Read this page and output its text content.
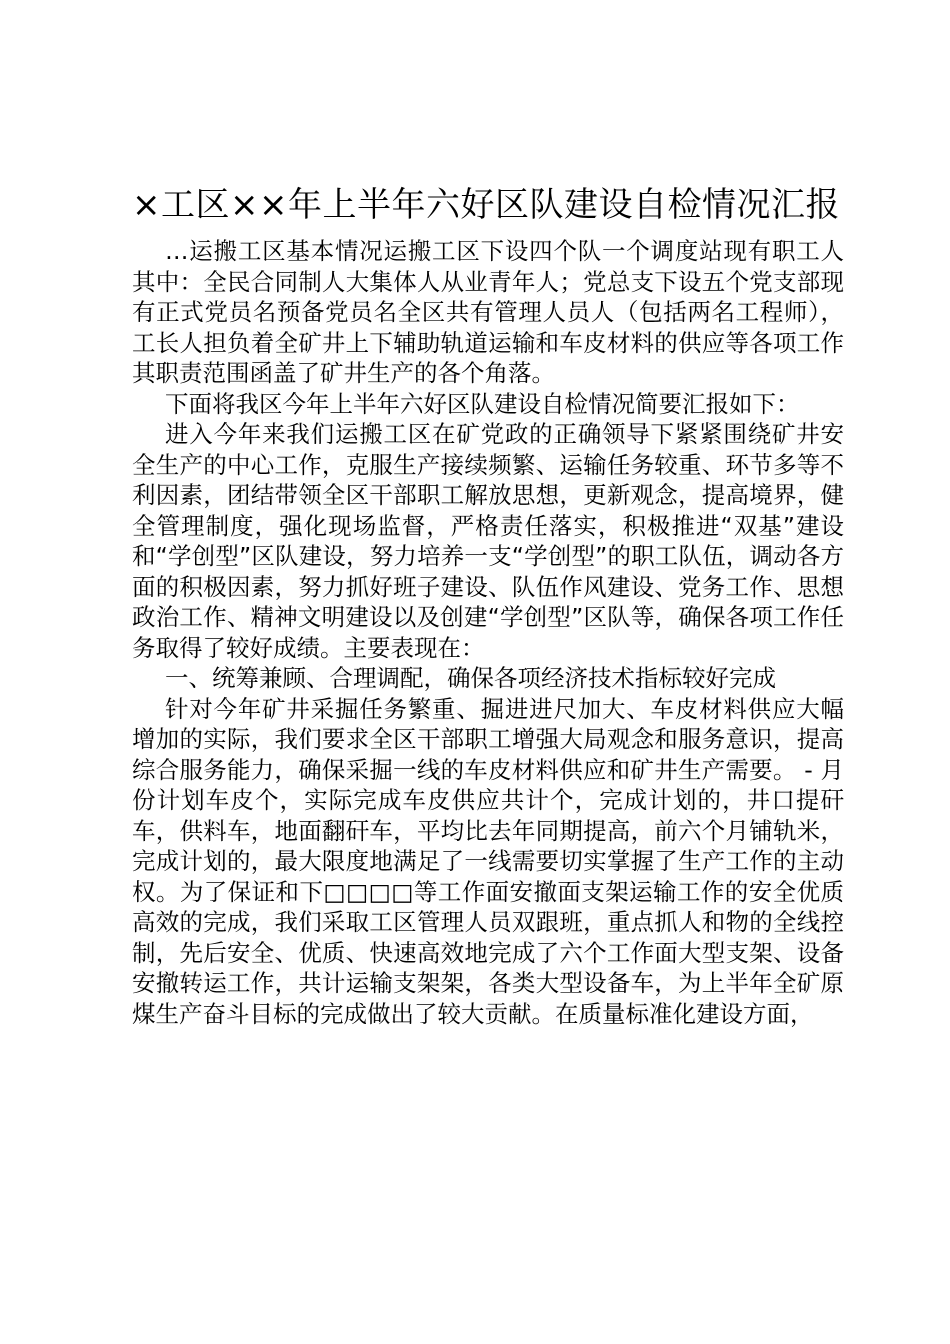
×工区××年上半年六好区队建设自检情况汇报

…运搬工区基本情况运搬工区下设四个队一个调度站现有职工人其中：全民合同制人大集体人从业青年人；党总支下设五个党支部现有正式党员名预备党员名全区共有管理人员人（包括两名工程师），工长人担负着全矿井上下辅助轨道运输和车皮材料的供应等各项工作其职责范围函盖了矿井生产的各个角落。

下面将我区今年上半年六好区队建设自检情况简要汇报如下：

进入今年来我们运搬工区在矿党政的正确领导下紧紧围绕矿井安全生产的中心工作，克服生产接续频繁、运输任务较重、环节多等不利因素，团结带领全区干部职工解放思想，更新观念，提高境界，健全管理制度，强化现场监督，严格责任落实，积极推进“双基”建设和“学创型”区队建设，努力培养一支“学创型”的职工队伍，调动各方面的积极因素，努力抓好班子建设、队伍作风建设、党务工作、思想政治工作、精神文明建设以及创建“学创型”区队等，确保各项工作任务取得了较好成绩。主要表现在：

一、统筹兼顾、合理调配，确保各项经济技术指标较好完成

针对今年矿井采掘任务繁重、掘进进尺加大、车皮材料供应大幅增加的实际，我们要求全区干部职工增强大局观念和服务意识，提高综合服务能力，确保采掘一线的车皮材料供应和矿井生产需要。 - 月份计划车皮个，实际完成车皮供应共计个，完成计划的，井口提矸车，供料车，地面翻矸车，平均比去年同期提高，前六个月铺轨米，完成计划的，最大限度地满足了一线需要切实掌握了生产工作的主动权。为了保证和下□□□□等工作面安撤面支架运输工作的安全优质高效的完成，我们采取工区管理人员双跟班，重点抓人和物的全线控制，先后安全、优质、快速高效地完成了六个工作面大型支架、设备安撤转运工作，共计运输支架架，各类大型设备车，为上半年全矿原煤生产奋斗目标的完成做出了较大贡献。在质量标准化建设方面，
